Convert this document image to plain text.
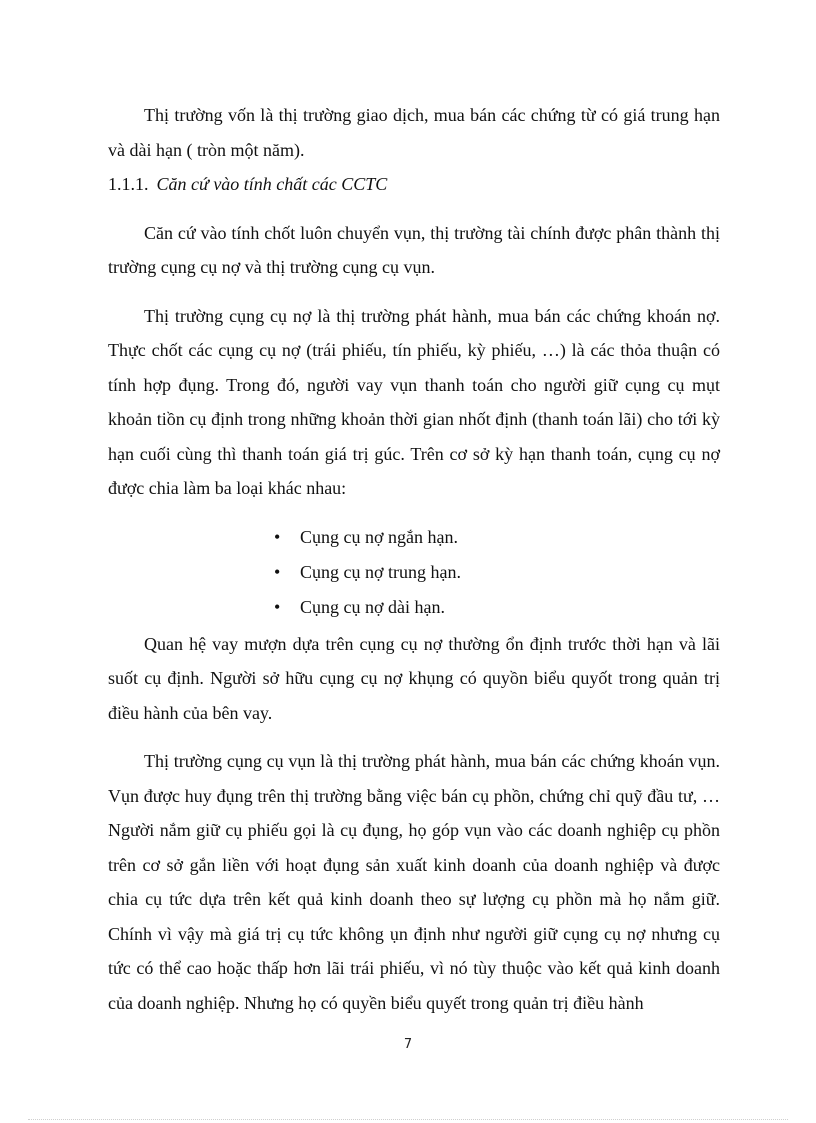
Thị trường vốn là thị trường giao dịch, mua bán các chứng từ có giá trung hạn và dài hạn ( tròn một năm).

1.1.1. Căn cứ vào tính chất các CCTC

Căn cứ vào tính chốt luôn chuyển vụn, thị trường tài chính được phân thành thị trường cụng cụ nợ và thị trường cụng cụ vụn.

Thị trường cụng cụ nợ là thị trường phát hành, mua bán các chứng khoán nợ. Thực chốt các cụng cụ nợ (trái phiếu, tín phiếu, kỳ phiếu, …) là các thỏa thuận có tính hợp đụng. Trong đó, người vay vụn thanh toán cho người giữ cụng cụ mụt khoản tiồn cụ định trong những khoản thời gian nhốt định (thanh toán lãi) cho tới kỳ hạn cuối cùng thì thanh toán giá trị gúc. Trên cơ sở kỳ hạn thanh toán, cụng cụ nợ được chia làm ba loại khác nhau:

• Cụng cụ nợ ngắn hạn.
• Cụng cụ nợ trung hạn.
• Cụng cụ nợ dài hạn.

Quan hệ vay mượn dựa trên cụng cụ nợ thường ổn định trước thời hạn và lãi suốt cụ định. Người sở hữu cụng cụ nợ khụng có quyồn biểu quyốt trong quản trị điều hành của bên vay.

Thị trường cụng cụ vụn là thị trường phát hành, mua bán các chứng khoán vụn. Vụn được huy đụng trên thị trường bằng việc bán cụ phồn, chứng chỉ quỹ đầu tư, …Người nắm giữ cụ phiếu gọi là cụ đụng, họ góp vụn vào các doanh nghiệp cụ phồn trên cơ sở gắn liền với hoạt đụng sản xuất kinh doanh của doanh nghiệp và được chia cụ tức dựa trên kết quả kinh doanh theo sự lượng cụ phồn mà họ nắm giữ. Chính vì vậy mà giá trị cụ tức không ụn định như người giữ cụng cụ nợ nhưng cụ tức có thể cao hoặc thấp hơn lãi trái phiếu, vì nó tùy thuộc vào kết quả kinh doanh của doanh nghiệp. Nhưng họ có quyền biểu quyết trong quản trị điều hành

7
